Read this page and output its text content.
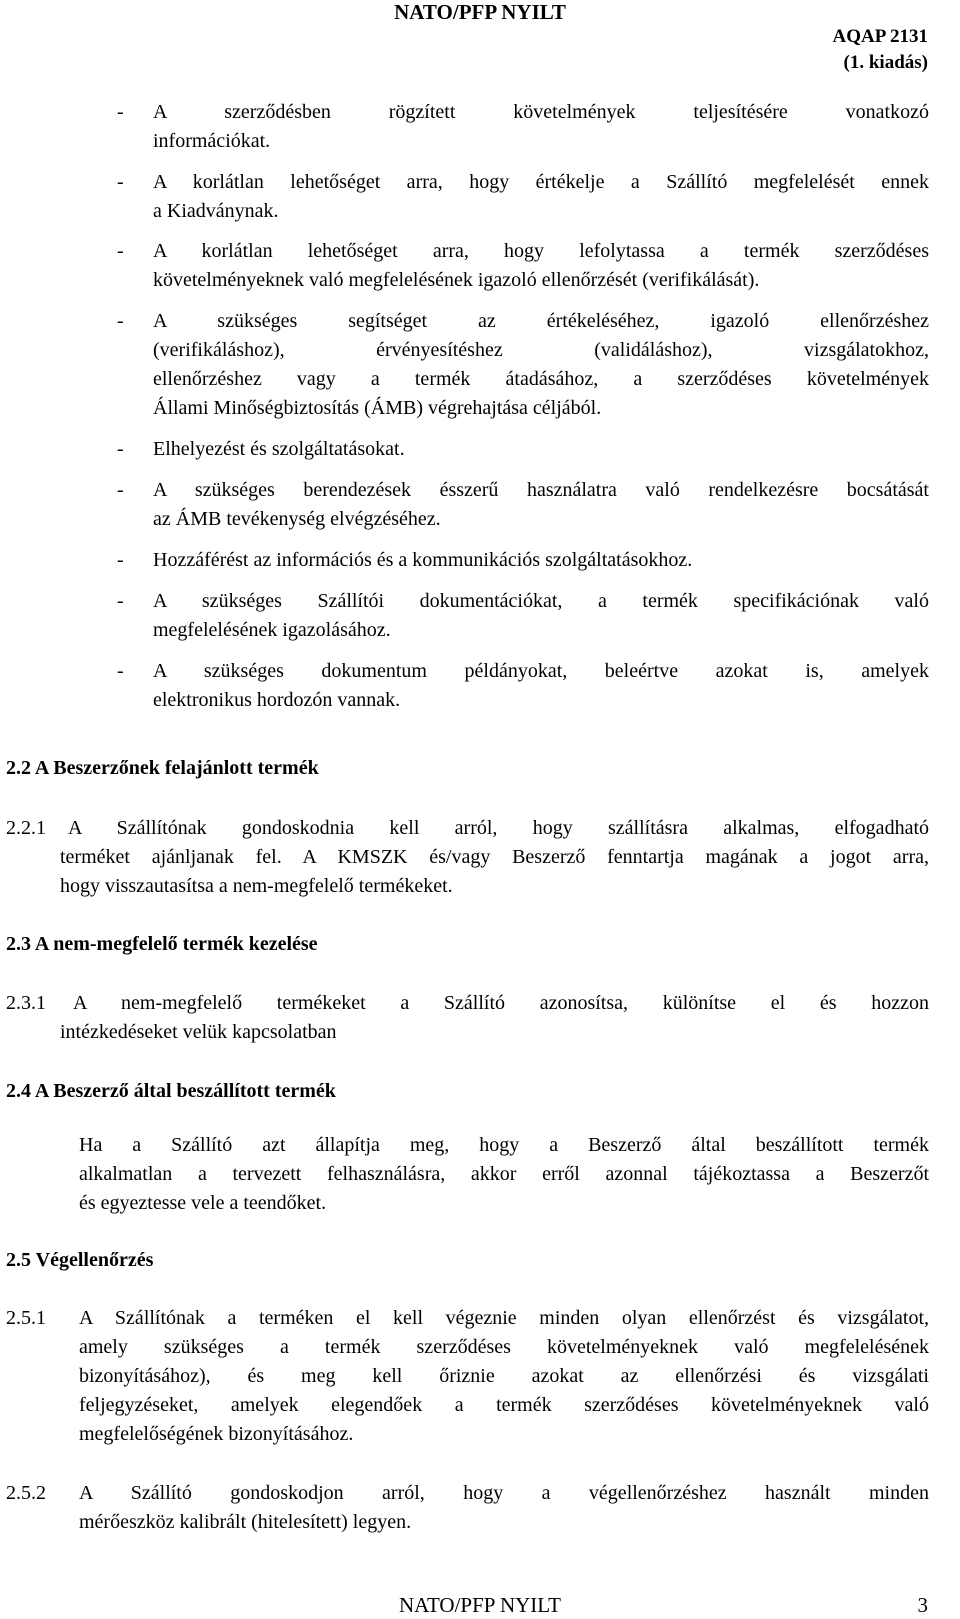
NATO/PFP NYILT
AQAP 2131
(1. kiadás)
- A szerződésben rögzített követelmények teljesítésére vonatkozó
információkat.
- A korlátlan lehetőséget arra, hogy értékelje a Szállító megfelelését ennek
a Kiadványnak.
- A korlátlan lehetőséget arra, hogy lefolytassa a termék szerződéses
követelményeknek való megfelelésének igazoló ellenőrzését (verifikálását).
- A szükséges segítséget az értékeléséhez, igazoló ellenőrzéshez
(verifikáláshoz), érvényesítéshez (validáláshoz), vizsgálatokhoz,
ellenőrzéshez vagy a termék átadásához, a szerződéses követelmények
Állami Minőségbiztosítás (ÁMB) végrehajtása céljából.
- Elhelyezést és szolgáltatásokat.
- A szükséges berendezések ésszerű használatra való rendelkezésre bocsátását
az ÁMB tevékenység elvégzéséhez.
- Hozzáférést az információs és a kommunikációs szolgáltatásokhoz.
- A szükséges Szállítói dokumentációkat, a termék specifikációnak való
megfelelésének igazolásához.
- A szükséges dokumentum példányokat, beleértve azokat is, amelyek
elektronikus hordozón vannak.
2.2 A Beszerzőnek felajánlott termék
2.2.1 A Szállítónak gondoskodnia kell arról, hogy szállításra alkalmas, elfogadható
terméket ajánljanak fel. A KMSZK és/vagy Beszerző fenntartja magának a jogot arra,
hogy visszautasítsa a nem-megfelelő termékeket.
2.3 A nem-megfelelő termék kezelése
2.3.1 A nem-megfelelő termékeket a Szállító azonosítsa, különítse el és hozzon
intézkedéseket velük kapcsolatban
2.4 A Beszerző által beszállított termék
Ha a Szállító azt állapítja meg, hogy a Beszerző által beszállított termék
alkalmatlan a tervezett felhasználásra, akkor erről azonnal tájékoztassa a Beszerzőt
és egyeztesse vele a teendőket.
2.5 Végellenőrzés
2.5.1 A Szállítónak a terméken el kell végeznie minden olyan ellenőrzést és vizsgálatot,
amely szükséges a termék szerződéses követelményeknek való megfelelésének
bizonyításához), és meg kell őriznie azokat az ellenőrzési és vizsgálati
feljegyzéseket, amelyek elegendőek a termék szerződéses követelményeknek való
megfelelőségének bizonyításához.
2.5.2 A Szállító gondoskodjon arról, hogy a végellenőrzéshez használt minden
mérőeszköz kalibrált (hitelesített) legyen.
NATO/PFP NYILT	3
